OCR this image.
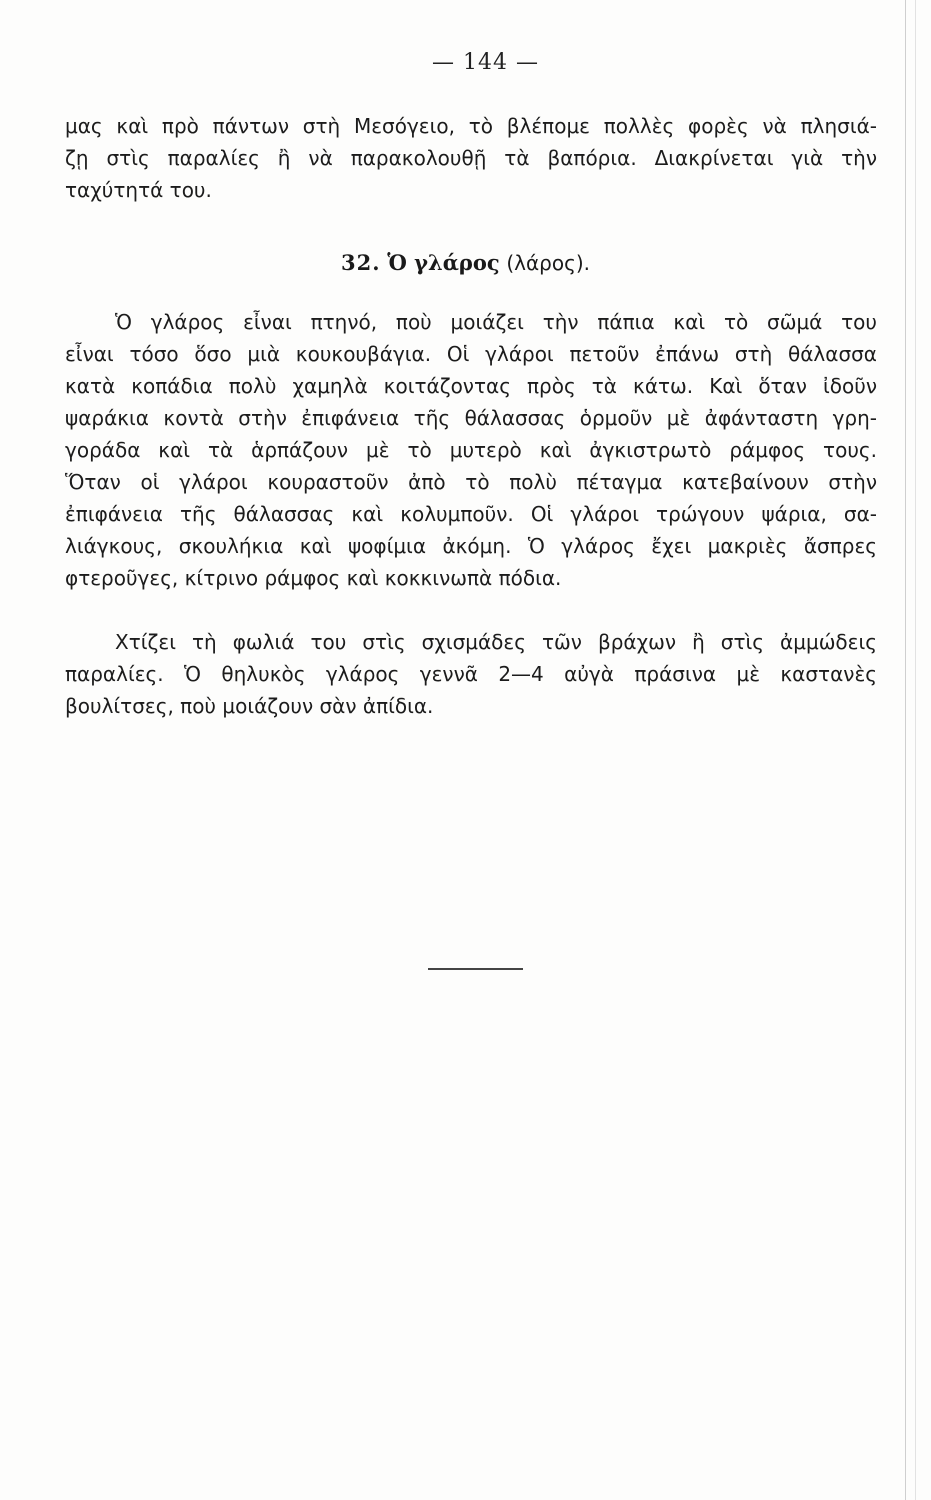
— 144 —
μας καὶ πρὸ πάντων στὴ Μεσόγειο, τὸ βλέπομε πολλὲς φορὲς νὰ πλησιά-
ζῃ στὶς παραλίες ἢ νὰ παρακολουθῇ τὰ βαπόρια. Διακρίνεται γιὰ τὴν
ταχύτητά του.
32. Ὁ γλάρος (λάρος).
Ὁ γλάρος εἶναι πτηνό, ποὺ μοιάζει τὴν πάπια καὶ τὸ σῶμά του
εἶναι τόσο ὅσο μιὰ κουκουβάγια. Οἱ γλάροι πετοῦν ἐπάνω στὴ θάλασσα
κατὰ κοπάδια πολὺ χαμηλὰ κοιτάζοντας πρὸς τὰ κάτω. Καὶ ὅταν ἰδοῦν
ψαράκια κοντὰ στὴν ἐπιφάνεια τῆς θάλασσας ὁρμοῦν μὲ ἀφάνταστη γρη-
γοράδα καὶ τὰ ἁρπάζουν μὲ τὸ μυτερὸ καὶ ἀγκιστρωτὸ ράμφος τους.
Ὅταν οἱ γλάροι κουραστοῦν ἀπὸ τὸ πολὺ πέταγμα κατεβαίνουν στὴν
ἐπιφάνεια τῆς θάλασσας καὶ κολυμποῦν. Οἱ γλάροι τρώγουν ψάρια, σα-
λιάγκους, σκουλήκια καὶ ψοφίμια ἀκόμη. Ὁ γλάρος ἔχει μακριὲς ἄσπρες
φτεροῦγες, κίτρινο ράμφος καὶ κοκκινωπὰ πόδια.
Χτίζει τὴ φωλιά του στὶς σχισμάδες τῶν βράχων ἢ στὶς ἀμμώδεις
παραλίες. Ὁ θηλυκὸς γλάρος γεννᾶ 2—4 αὐγὰ πράσινα μὲ καστανὲς
βουλίτσες, ποὺ μοιάζουν σὰν ἀπίδια.
